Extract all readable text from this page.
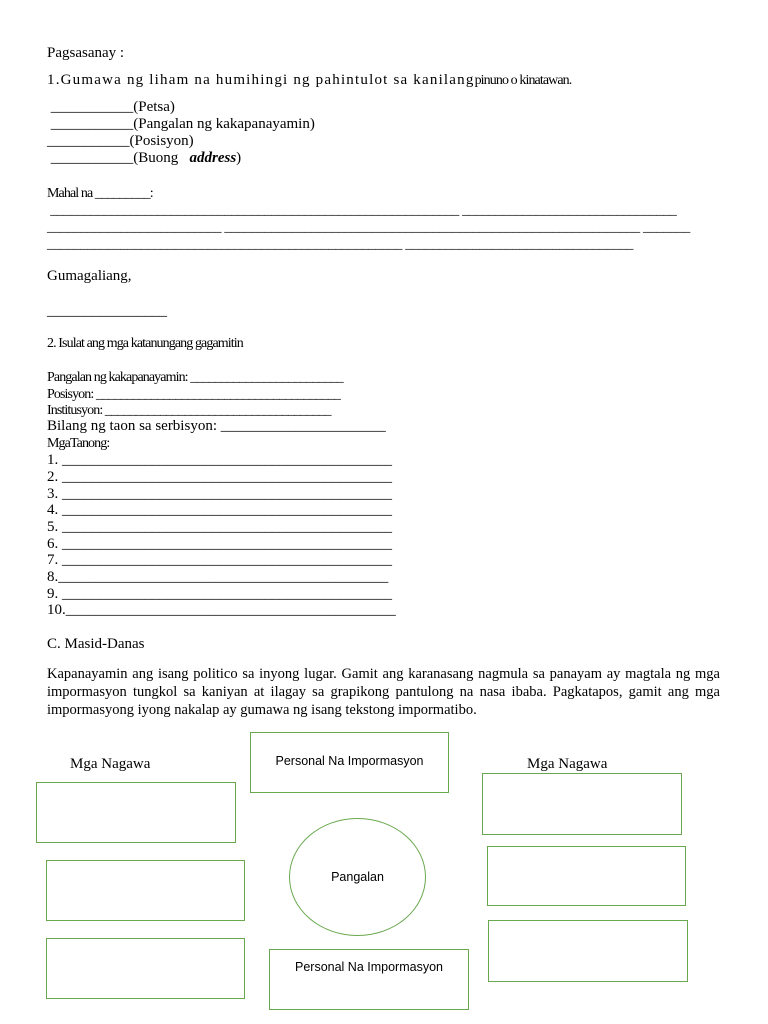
Pagsasanay :
1.Gumawa ng liham na humihingi ng pahintulot sa kanilangpinuno o kinatawan.
___________(Petsa)
___________(Pangalan ng kakapanayamin)
___________(Posisyon)
___________(Buong   address)
Mahal na _________:
_____________________________________________________________ ________________________________
__________________________ ______________________________________________________________ _______
_____________________________________________________ __________________________________
Gumagaliang,
________________
2. Isulat ang mga katanungang gagamitin
Pangalan ng kakapanayamin: _________________________
Posisyon: ________________________________________
Institusyon: _____________________________________
Bilang ng taon sa serbisyon: ______________________
MgaTanong:
1. ____________________________________________
2. ____________________________________________
3. ____________________________________________
4. ____________________________________________
5. ____________________________________________
6. ____________________________________________
7. ____________________________________________
8.____________________________________________
9. ____________________________________________
10.____________________________________________
C. Masid-Danas
Kapanayamin ang isang politico sa inyong lugar. Gamit ang karanasang nagmula sa panayam ay magtala ng mga impormasyon tungkol sa kaniyan at ilagay sa grapikong pantulong na nasa ibaba. Pagkatapos, gamit ang mga impormasyong iyong nakalap ay gumawa ng isang tekstong impormatibo.
Mga Nagawa	Mga Nagawa
Personal Na Impormasyon
Pangalan
Personal Na Impormasyon
